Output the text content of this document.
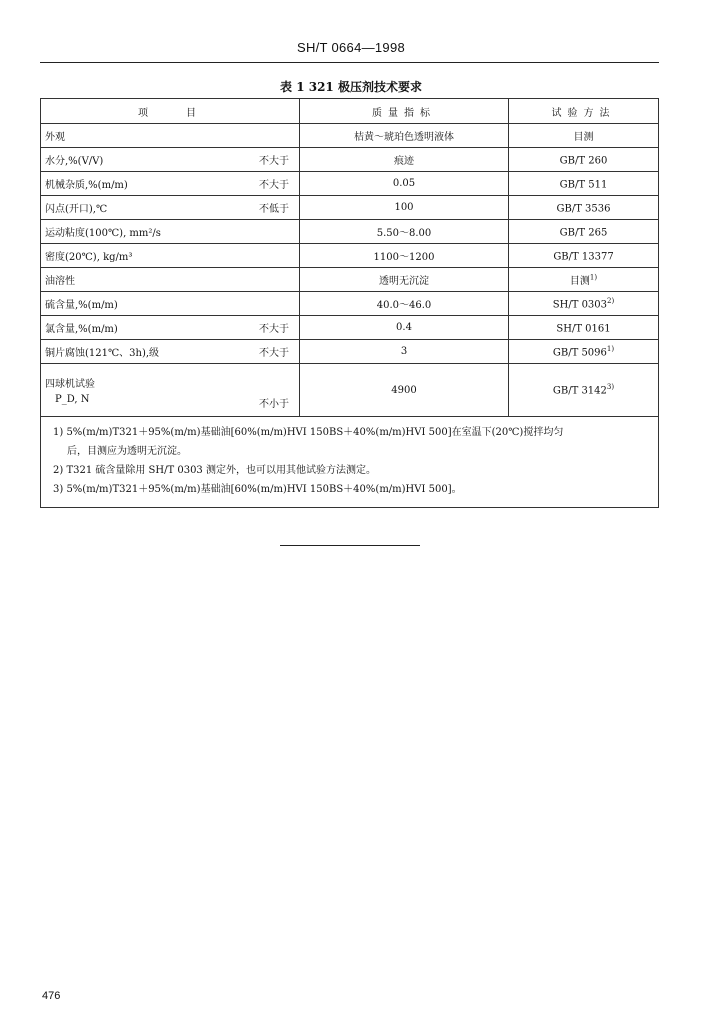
SH/T 0664—1998
表 1 321 极压剂技术要求
项　　目		质量指标	试验方法
外观		桔黄～琥珀色透明液体	目测
水分,%(V/V)	不大于	痕迹	GB/T 260
机械杂质,%(m/m)	不大于	0.05	GB/T 511
闪点(开口),℃	不低于	100	GB/T 3536
运动粘度(100℃), mm²/s		5.50～8.00	GB/T 265
密度(20℃), kg/m³		1100～1200	GB/T 13377
油溶性		透明无沉淀	目测$^{1)}$
硫含量,%(m/m)		40.0～46.0	SH/T 0303$^{2)}$
氯含量,%(m/m)	不大于	0.4	SH/T 0161
铜片腐蚀(121℃、3h),级	不大于	3	GB/T 5096$^{1)}$
四球机试验
P_D, N	不小于	4900	GB/T 3142$^{3)}$

1) 5%(m/m)T321＋95%(m/m)基础油[60%(m/m)HVI 150BS＋40%(m/m)HVI 500]在室温下(20℃)搅拌均匀
后，目测应为透明无沉淀。
2) T321 硫含量除用 SH/T 0303 测定外，也可以用其他试验方法测定。
3) 5%(m/m)T321＋95%(m/m)基础油[60%(m/m)HVI 150BS＋40%(m/m)HVI 500]。			
476
